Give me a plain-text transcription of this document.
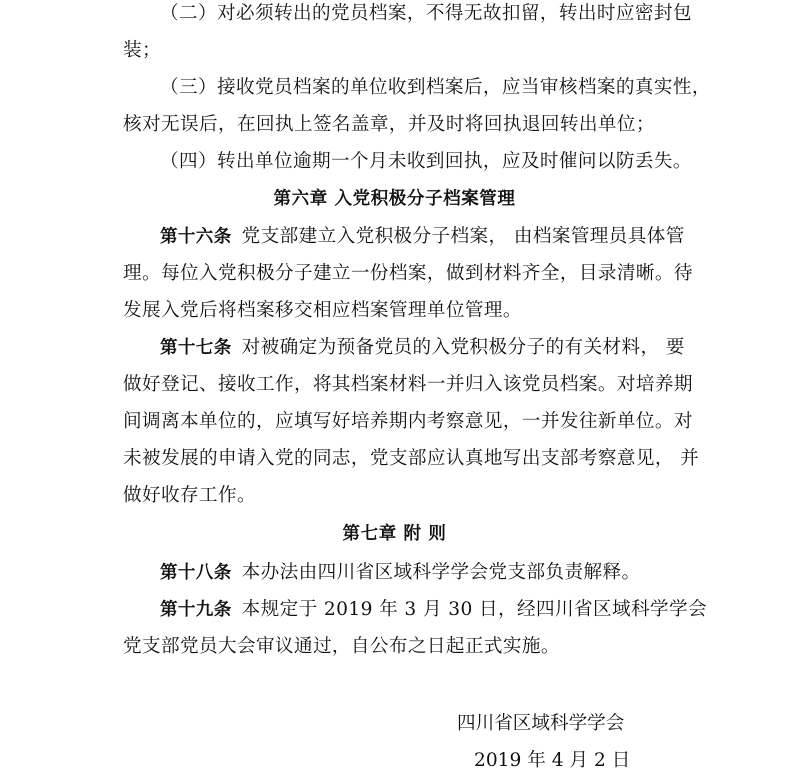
（二）对必须转出的党员档案，不得无故扣留，转出时应密封包
装；
（三）接收党员档案的单位收到档案后，应当审核档案的真实性，
核对无误后，在回执上签名盖章，并及时将回执退回转出单位；
（四）转出单位逾期一个月未收到回执，应及时催问以防丢失。
第六章 入党积极分子档案管理
第十六条 党支部建立入党积极分子档案， 由档案管理员具体管
理。每位入党积极分子建立一份档案，做到材料齐全，目录清晰。待
发展入党后将档案移交相应档案管理单位管理。
第十七条 对被确定为预备党员的入党积极分子的有关材料， 要
做好登记、接收工作，将其档案材料一并归入该党员档案。对培养期
间调离本单位的，应填写好培养期内考察意见，一并发往新单位。对
未被发展的申请入党的同志，党支部应认真地写出支部考察意见， 并
做好收存工作。
第七章 附 则
第十八条 本办法由四川省区域科学学会党支部负责解释。
第十九条 本规定于 2019 年 3 月 30 日，经四川省区域科学学会
党支部党员大会审议通过，自公布之日起正式实施。
四川省区域科学学会
2019 年 4 月 2 日
